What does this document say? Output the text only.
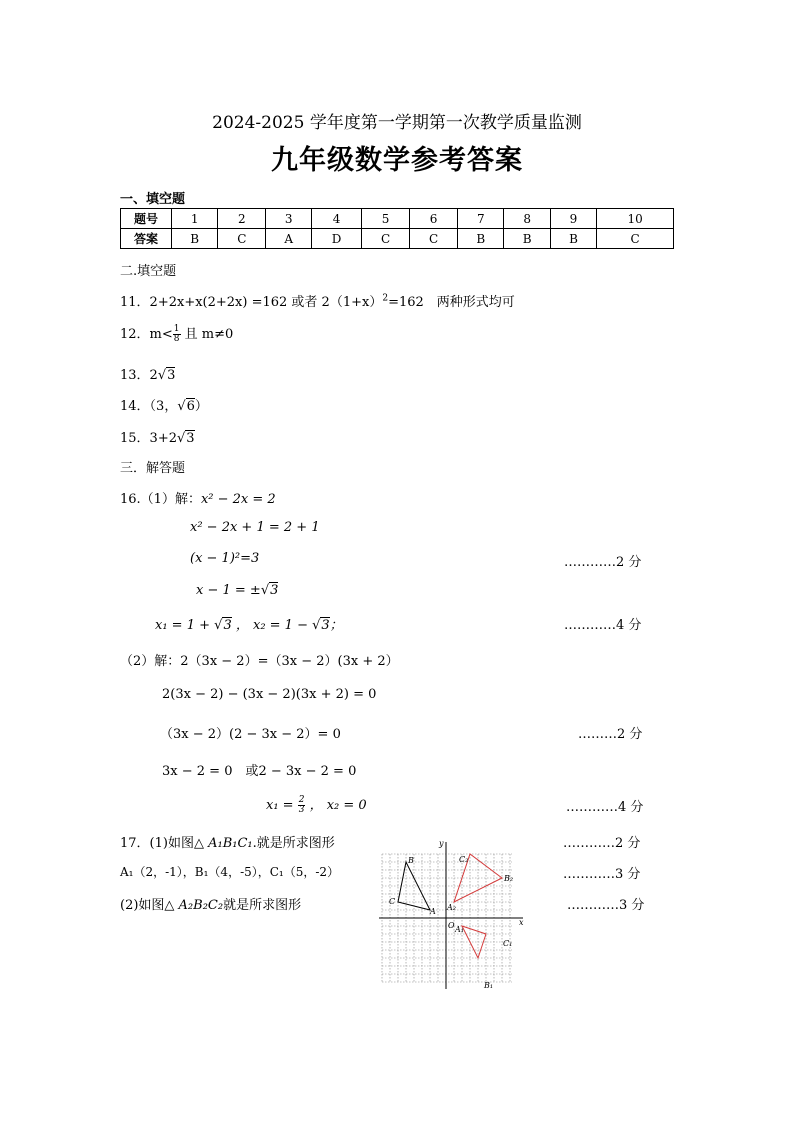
2024-2025 学年度第一学期第一次教学质量监测
九年级数学参考答案
一、填空题
题号	1	2	3	4	5	6	7	8	9	10
答案	B	C	A	D	C	C	B	B	B	C
二.填空题
11．2+2x+x(2+2x) =162 或者 $2(1+x)^2=162$　两种形式均可
12．$m< \frac{1}{8}$ 且 m≠0
13．2√3
14．（3，√6）
15．3+2√3
三．解答题
16.（1）解：x² − 2x = 2
x² − 2x + 1 = 2 + 1
(x − 1)²=3	…………2 分
x − 1 = ±√3
x₁ = 1 + √3 ， x₂ = 1 − √3；	…………4 分
（2）解：2（3x − 2）=（3x − 2）(3x + 2）
2(3x − 2) − (3x − 2)(3x + 2) = 0
（3x − 2）(2 − 3x − 2）= 0	………2 分
3x − 2 = 0　或2 − 3x − 2 = 0
$x_1 = \frac{2}{3}$ ， x₂ = 0	…………4 分
17．(1)如图△ A₁B₁C₁.就是所求图形	…………2 分
A₁（2，-1），B₁（4，-5），C₁（5，-2）	…………3 分
(2)如图△ A₂B₂C₂就是所求图形	…………3 分
x
y
O
B
C
A
A₁
B₁
C₁
A₂
B₂
C₂
